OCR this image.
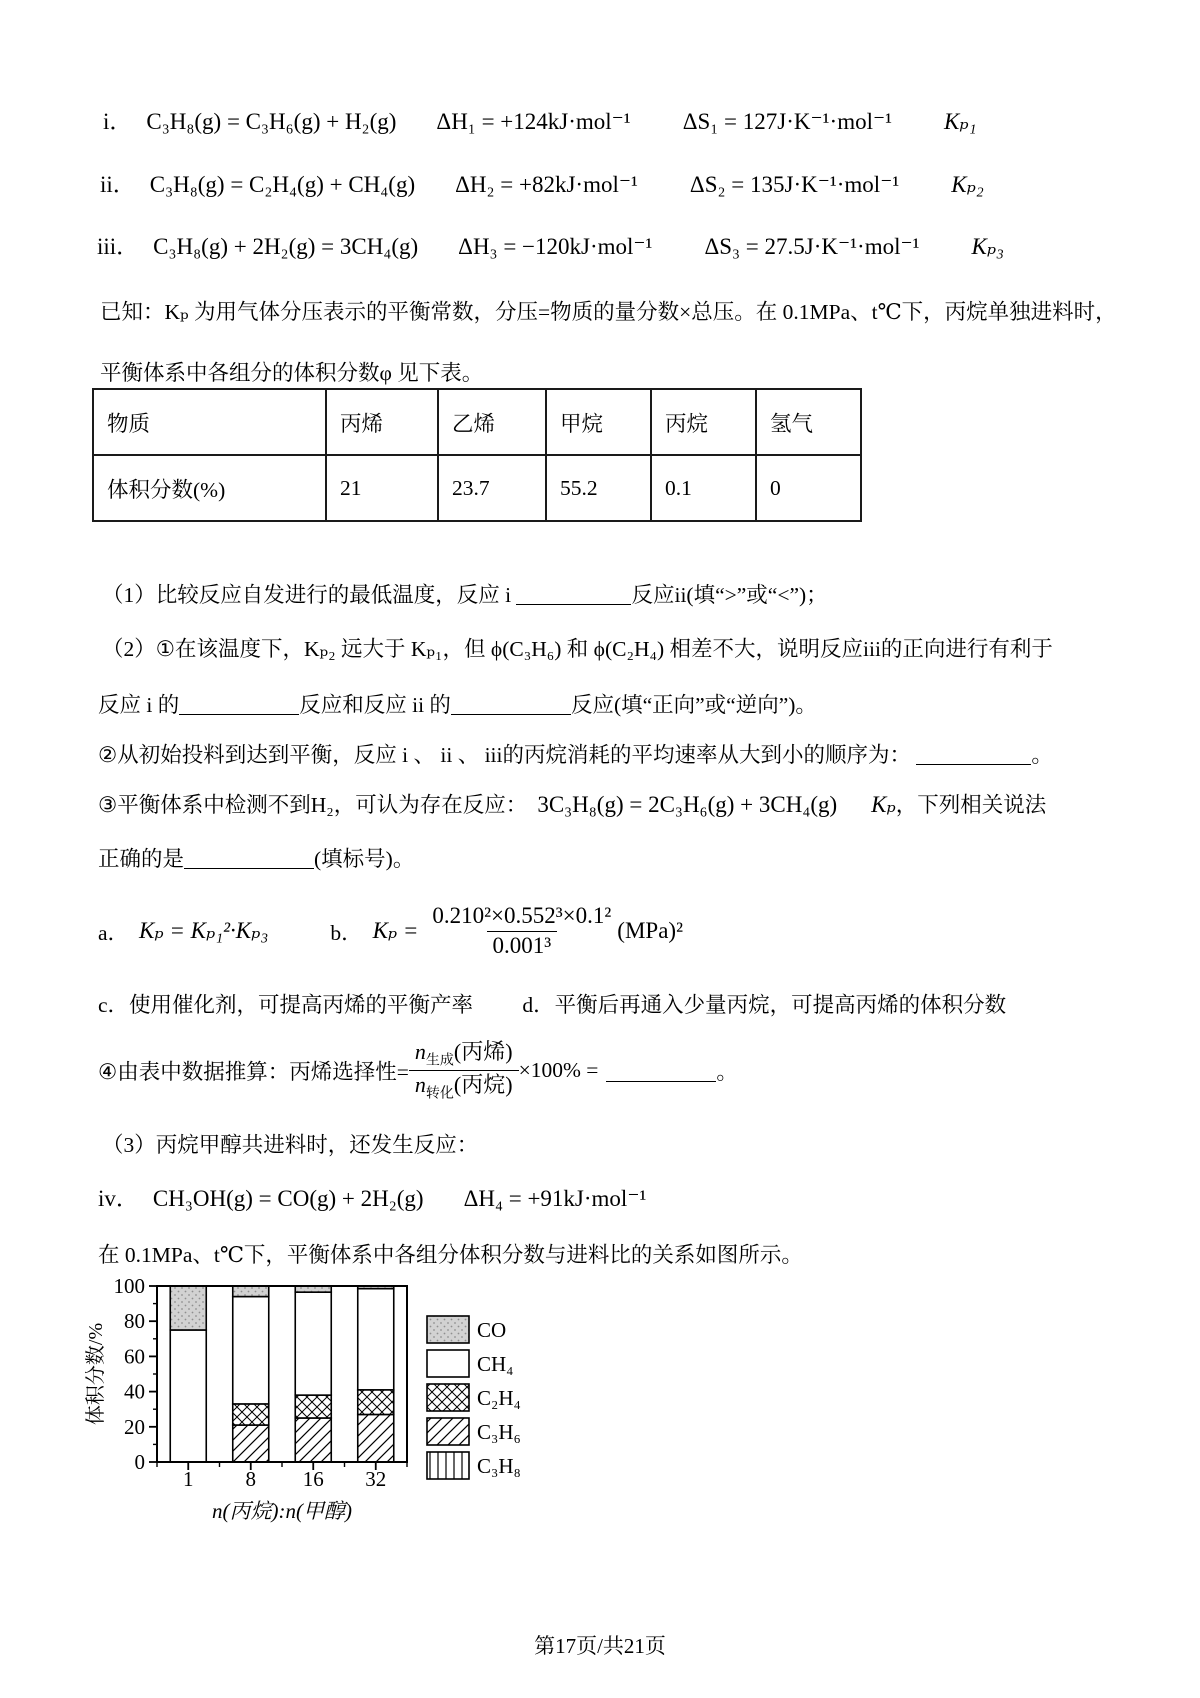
i． C₃H₈(g) = C₃H₆(g) + H₂(g) ΔH₁ = +124kJ·mol⁻¹ ΔS₁ = 127J·K⁻¹·mol⁻¹ Kₚ₁
ii． C₃H₈(g) = C₂H₄(g) + CH₄(g) ΔH₂ = +82kJ·mol⁻¹ ΔS₂ = 135J·K⁻¹·mol⁻¹ Kₚ₂
iii． C₃H₈(g) + 2H₂(g) = 3CH₄(g) ΔH₃ = −120kJ·mol⁻¹ ΔS₃ = 27.5J·K⁻¹·mol⁻¹ Kₚ₃
已知：Kₚ 为用气体分压表示的平衡常数，分压=物质的量分数×总压。在 0.1MPa、t℃下，丙烷单独进料时，
平衡体系中各组分的体积分数φ 见下表。
物质	丙烯	乙烯	甲烷	丙烷	氢气
体积分数(%)	21	23.7	55.2	0.1	0
（1）比较反应自发进行的最低温度，反应 i	反应ii(填“>”或“<”)；
（2）①在该温度下，Kₚ₂ 远大于 Kₚ₁，但 ϕ(C₃H₆) 和 ϕ(C₂H₄) 相差不大，说明反应iii的正向进行有利于
反应 i 的	反应和反应 ii 的	反应(填“正向”或“逆向”)。
②从初始投料到达到平衡，反应 i 、 ii 、 iii的丙烷消耗的平均速率从大到小的顺序为：	。
③平衡体系中检测不到H₂，可认为存在反应： 3C₃H₈(g) = 2C₃H₆(g) + 3CH₄(g) Kₚ，下列相关说法
正确的是	(填标号)。
a． Kₚ = Kₚ₁²·Kₚ₃	b． $K_p = \frac{\text{0.210²×0.552³×0.1²}}{\text{0.001³}} (MPa)^2$
c．使用催化剂，可提高丙烯的平衡产率 d．平衡后再通入少量丙烷，可提高丙烯的体积分数
④由表中数据推算：丙烯选择性= $\frac{n_{生成}(丙烯)}{n_{转化}(丙烷)} \times 100\%$ =	。
（3）丙烷甲醇共进料时，还发生反应：
iv． CH₃OH(g) = CO(g) + 2H₂(g) ΔH₄ = +91kJ·mol⁻¹
在 0.1MPa、t℃下，平衡体系中各组分体积分数与进料比的关系如图所示。
1 8 16 32
0
20
40
60
80
100
体积分数/%
n(丙烷):n(甲醇)
CO
CH₄
C₂H₄
C₃H₆
C₃H₈
第17页/共21页
